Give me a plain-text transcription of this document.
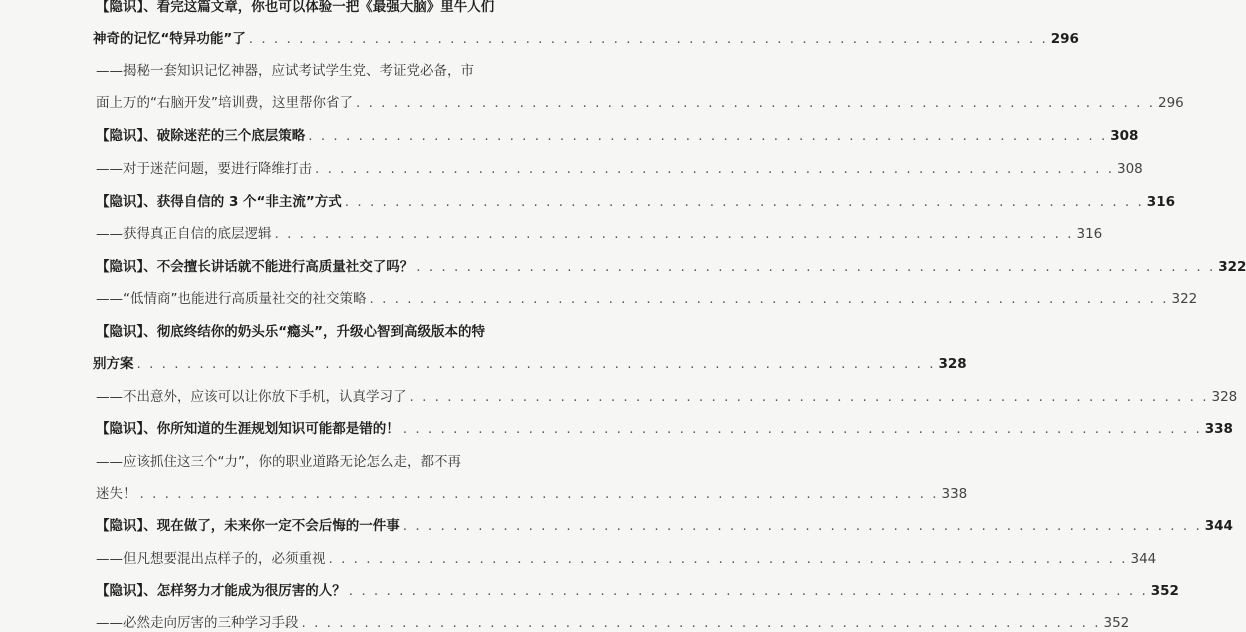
【隐识】、看完这篇文章，你也可以体验一把《最强大脑》里牛人们
神奇的记忆“特异功能”了 . . . . . . . . . . . . . . . . . . . . . . . . . . . . . . . . . . . . . . . . . . . . . . . . . . . . . . . . . . . . . . . . 296
——揭秘一套知识记忆神器，应试考试学生党、考证党必备，市
面上万的“右脑开发”培训费，这里帮你省了 . . . . . . . . . . . . . . . . . . . . . . . . . . . . . . . . . . . . . . . . . . . . . . . . . . . . . . . . . . . . . . . . 296
【隐识】、破除迷茫的三个底层策略 . . . . . . . . . . . . . . . . . . . . . . . . . . . . . . . . . . . . . . . . . . . . . . . . . . . . . . . . . . . . . . . . 308
——对于迷茫问题，要进行降维打击 . . . . . . . . . . . . . . . . . . . . . . . . . . . . . . . . . . . . . . . . . . . . . . . . . . . . . . . . . . . . . . . . 308
【隐识】、获得自信的 3 个“非主流”方式 . . . . . . . . . . . . . . . . . . . . . . . . . . . . . . . . . . . . . . . . . . . . . . . . . . . . . . . . . . . . . . . . 316
——获得真正自信的底层逻辑 . . . . . . . . . . . . . . . . . . . . . . . . . . . . . . . . . . . . . . . . . . . . . . . . . . . . . . . . . . . . . . . . 316
【隐识】、不会擅长讲话就不能进行高质量社交了吗？ . . . . . . . . . . . . . . . . . . . . . . . . . . . . . . . . . . . . . . . . . . . . . . . . . . . . . . . . . . . . . . . . 322
——“低情商”也能进行高质量社交的社交策略 . . . . . . . . . . . . . . . . . . . . . . . . . . . . . . . . . . . . . . . . . . . . . . . . . . . . . . . . . . . . . . . . 322
【隐识】、彻底终结你的奶头乐“瘾头”，升级心智到高级版本的特
别方案 . . . . . . . . . . . . . . . . . . . . . . . . . . . . . . . . . . . . . . . . . . . . . . . . . . . . . . . . . . . . . . . . 328
——不出意外，应该可以让你放下手机，认真学习了 . . . . . . . . . . . . . . . . . . . . . . . . . . . . . . . . . . . . . . . . . . . . . . . . . . . . . . . . . . . . . . . . 328
【隐识】、你所知道的生涯规划知识可能都是错的！ . . . . . . . . . . . . . . . . . . . . . . . . . . . . . . . . . . . . . . . . . . . . . . . . . . . . . . . . . . . . . . . . 338
——应该抓住这三个“力”，你的职业道路无论怎么走，都不再
迷失！ . . . . . . . . . . . . . . . . . . . . . . . . . . . . . . . . . . . . . . . . . . . . . . . . . . . . . . . . . . . . . . . . 338
【隐识】、现在做了，未来你一定不会后悔的一件事 . . . . . . . . . . . . . . . . . . . . . . . . . . . . . . . . . . . . . . . . . . . . . . . . . . . . . . . . . . . . . . . . 344
——但凡想要混出点样子的，必须重视 . . . . . . . . . . . . . . . . . . . . . . . . . . . . . . . . . . . . . . . . . . . . . . . . . . . . . . . . . . . . . . . . 344
【隐识】、怎样努力才能成为很厉害的人？ . . . . . . . . . . . . . . . . . . . . . . . . . . . . . . . . . . . . . . . . . . . . . . . . . . . . . . . . . . . . . . . . 352
——必然走向厉害的三种学习手段 . . . . . . . . . . . . . . . . . . . . . . . . . . . . . . . . . . . . . . . . . . . . . . . . . . . . . . . . . . . . . . . . 352
